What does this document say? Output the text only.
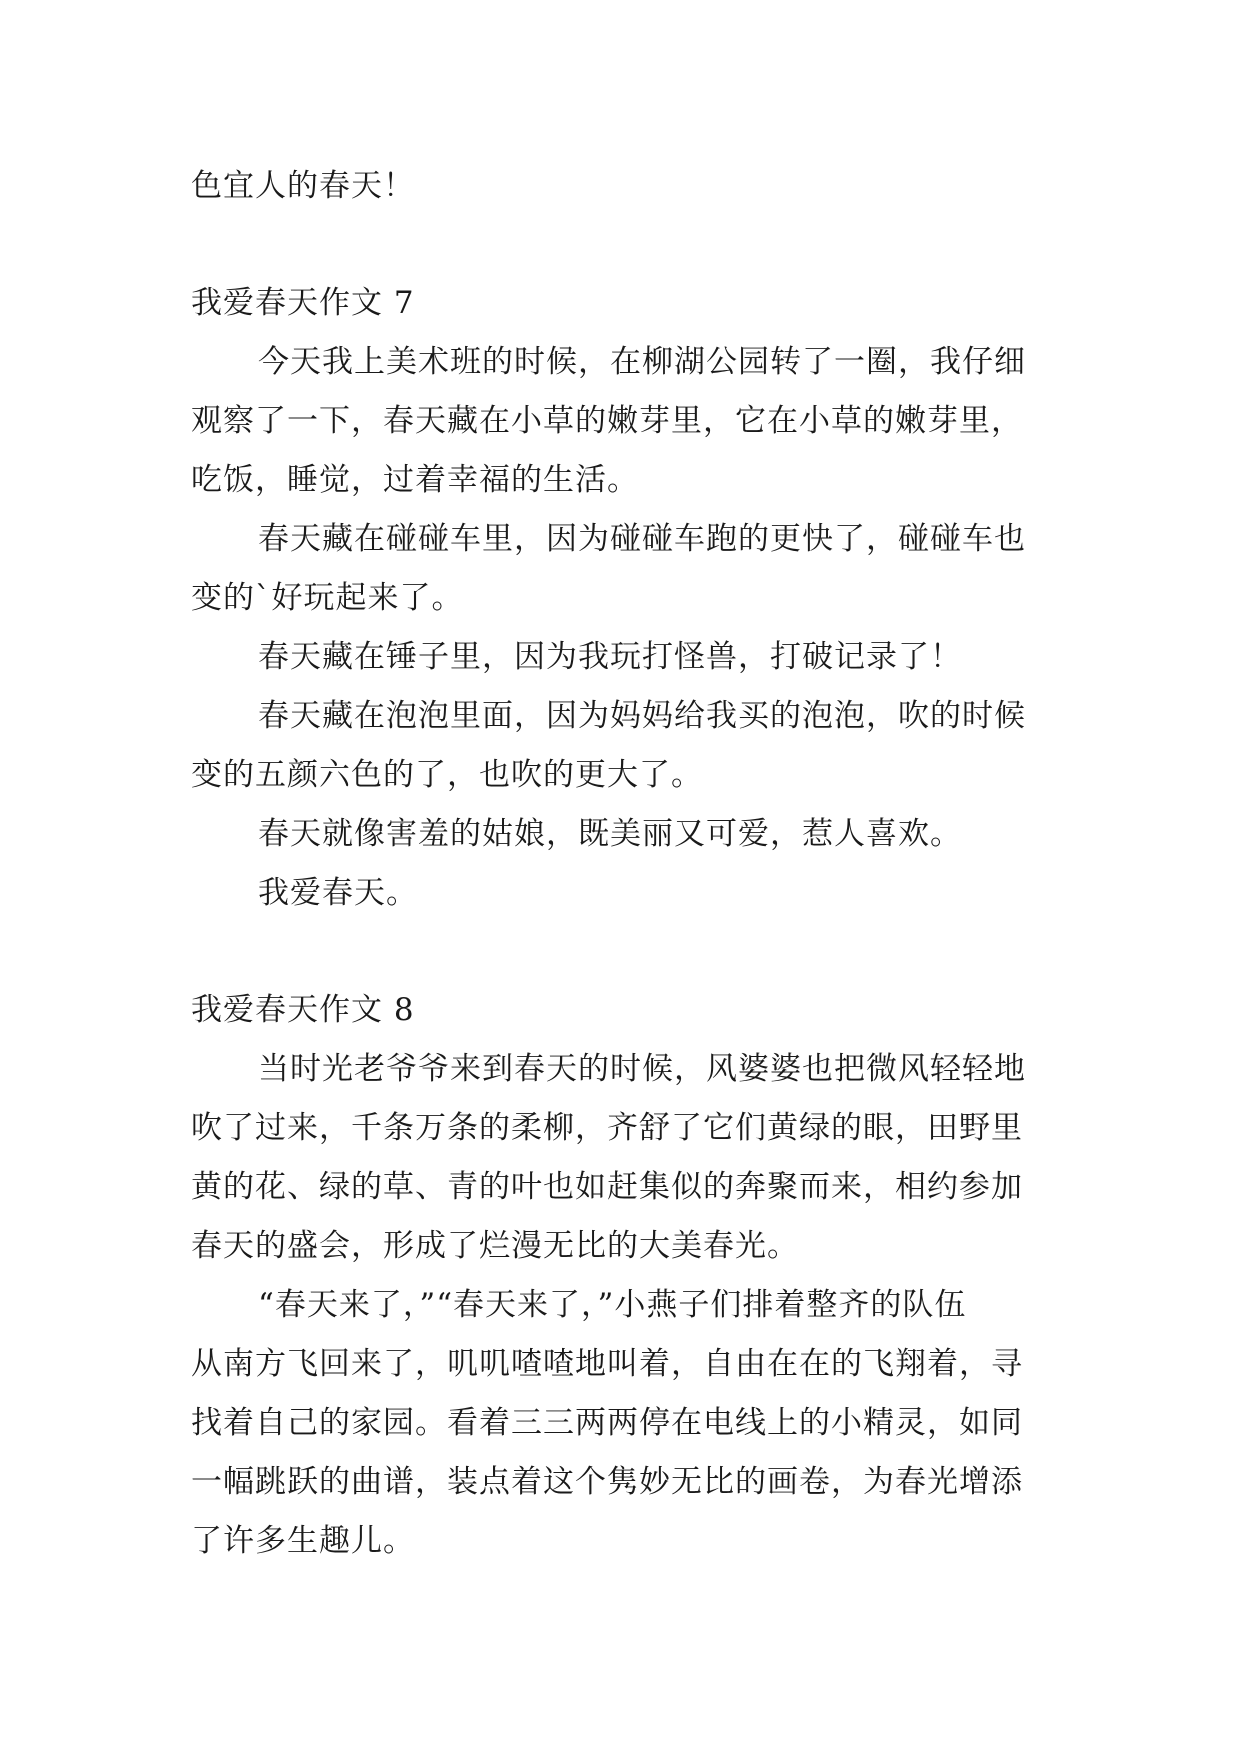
色宜人的春天！

我爱春天作文 7

今天我上美术班的时候，在柳湖公园转了一圈，我仔细

观察了一下，春天藏在小草的嫩芽里，它在小草的嫩芽里，

吃饭，睡觉，过着幸福的生活。

春天藏在碰碰车里，因为碰碰车跑的更快了，碰碰车也

变的`好玩起来了。

春天藏在锤子里，因为我玩打怪兽，打破记录了！

春天藏在泡泡里面，因为妈妈给我买的泡泡，吹的时候

变的五颜六色的了，也吹的更大了。

春天就像害羞的姑娘，既美丽又可爱，惹人喜欢。

我爱春天。

我爱春天作文 8

当时光老爷爷来到春天的时候，风婆婆也把微风轻轻地

吹了过来，千条万条的柔柳，齐舒了它们黄绿的眼，田野里

黄的花、绿的草、青的叶也如赶集似的奔聚而来，相约参加

春天的盛会，形成了烂漫无比的大美春光。

“春天来了，”“春天来了，”小燕子们排着整齐的队伍

从南方飞回来了，叽叽喳喳地叫着，自由在在的飞翔着，寻

找着自己的家园。看着三三两两停在电线上的小精灵，如同

一幅跳跃的曲谱，装点着这个隽妙无比的画卷，为春光增添

了许多生趣儿。
